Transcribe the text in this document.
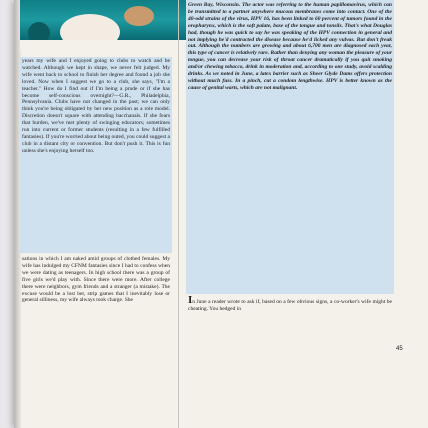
years my wife and I enjoyed going to clubs to watch and be watched. Although we kept in shape, we never felt judged. My wife went back to school to finish her degree and found a job she loved. Now when I suggest we go to a club, she says, "I'm a teacher." How do I find out if I'm being a prude or if she has become self-conscious overnight?—G.R., Philadelphia, Pennsylvania. Clubs have not changed in the past; we can only think you're being obligated by her new position as a role model. Discretion doesn't square with attending bacchanals. If she fears that burden, we've met plenty of swinging educators; sometimes run into current or former students (resulting in a few fulfilled fantasies). If you're worried about being outed, you could suggest a club in a distant city or convention. But don't push it. This is fun unless she's enjoying herself too.

Green Bay, Wisconsin. The actor was referring to the human papillomavirus, which can be transmitted to a partner anywhere mucous membranes come into contact. One of the 40-odd strains of the virus, HPV 16, has been linked to 60 percent of tumors found in the oropharynx, which is the soft palate, base of the tongue and tonsils. That's what Douglas had, though he was quick to say he was speaking of the HPV connection in general and not implying he'd contracted the disease because he'd licked any vulvas. But don't freak out. Although the numbers are growing and about 6,700 men are diagnosed each year, this type of cancer is relatively rare. Rather than denying any woman the pleasure of your tongue, you can decrease your risk of throat cancer dramatically if you quit smoking and/or chewing tobacco, drink in moderation and, according to one study, avoid scalding drinks. As we noted in June, a latex barrier such as Sheer Glyde Dams offers protection without much fuss. In a pinch, cut a condom lengthwise. HPV is better known as the cause of genital warts, which are not malignant.

sations in which I am naked amid groups of clothed females. My wife has indulged my CFNM fantasies since I had to confess when we were dating as teenagers. In high school there was a group of five girls we'd play with. Since there were more. After college there were neighbors, gym friends and a stranger (a mistake). The excuse would be a lost bet, strip games that I inevitably lose or general silliness, my wife always took charge. She	In June a reader wrote to ask if, based on a few obvious signs, a co-worker's wife might be cheating. You hedged in

45
